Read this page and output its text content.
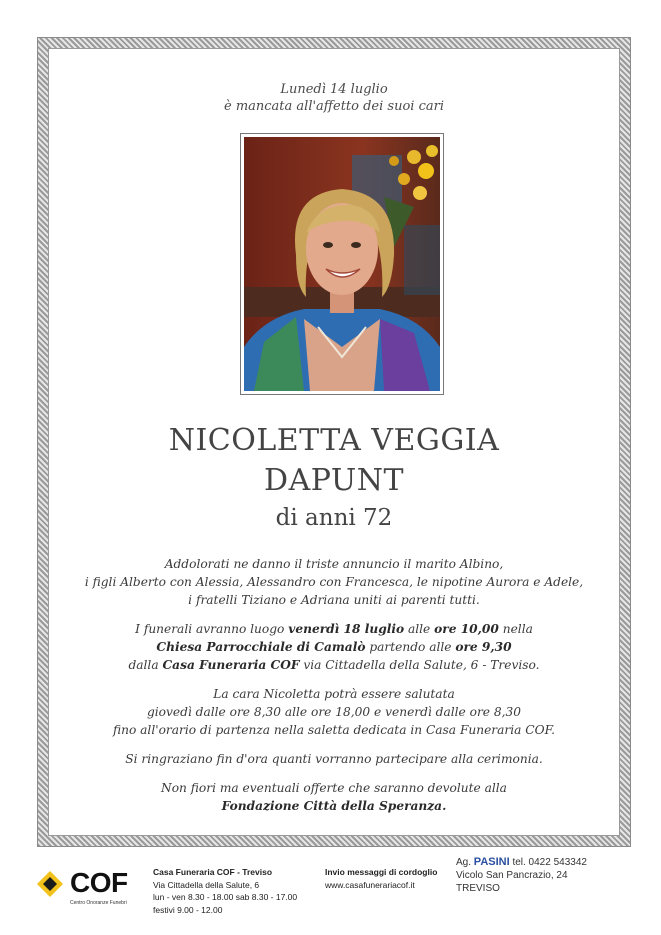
Lunedì 14 luglio
è mancata all'affetto dei suoi cari
NICOLETTA VEGGIA
DAPUNT
di anni 72

Addolorati ne danno il triste annuncio il marito Albino,
i figli Alberto con Alessia, Alessandro con Francesca, le nipotine Aurora e Adele,
i fratelli Tiziano e Adriana uniti ai parenti tutti.

I funerali avranno luogo venerdì 18 luglio alle ore 10,00 nella
Chiesa Parrocchiale di Camalò partendo alle ore 9,30
dalla Casa Funeraria COF via Cittadella della Salute, 6 - Treviso.

La cara Nicoletta potrà essere salutata
giovedì dalle ore 8,30 alle ore 18,00 e venerdì dalle ore 8,30
fino all'orario di partenza nella saletta dedicata in Casa Funeraria COF.

Si ringraziano fin d'ora quanti vorranno partecipare alla cerimonia.

Non fiori ma eventuali offerte che saranno devolute alla
Fondazione Città della Speranza.

COF
Centro Onoranze Funebri
Casa Funeraria COF - Treviso
Via Cittadella della Salute, 6
lun - ven 8.30 - 18.00 sab 8.30 - 17.00
festivi 9.00 - 12.00
Invio messaggi di cordoglio
www.casafunerariacof.it
Ag. PASINI tel. 0422 543342
Vicolo San Pancrazio, 24
TREVISO
